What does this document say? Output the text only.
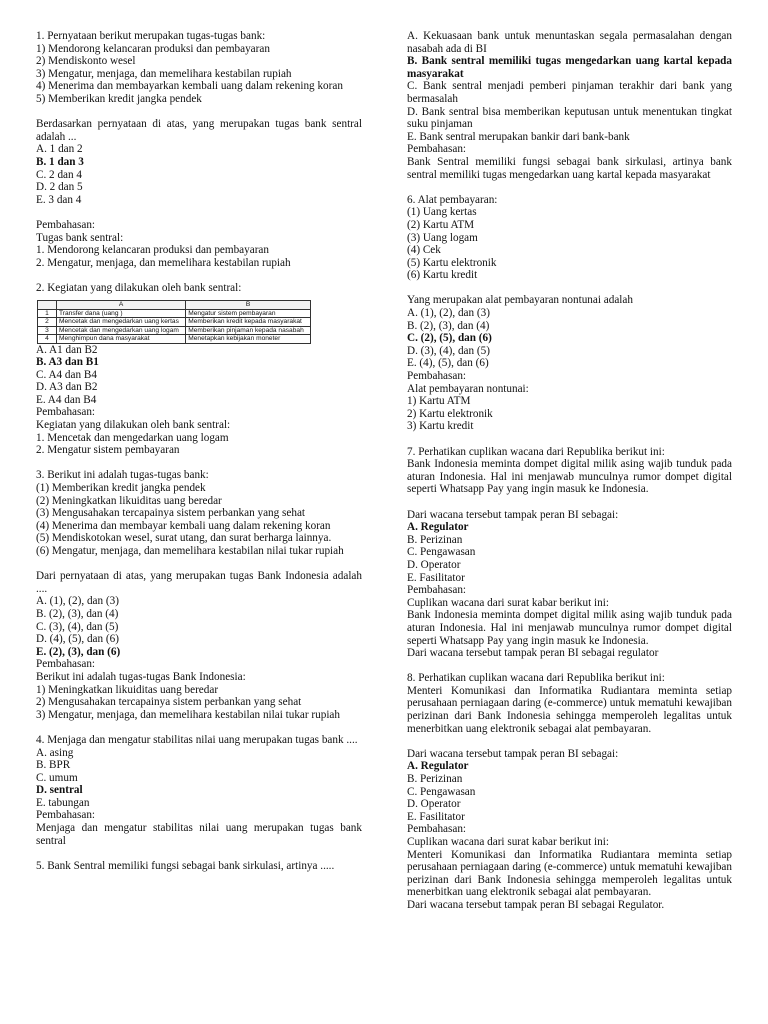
1. Pernyataan berikut merupakan tugas-tugas bank:

1) Mendorong kelancaran produksi dan pembayaran

2) Mendiskonto wesel

3) Mengatur, menjaga, dan memelihara kestabilan rupiah

4) Menerima dan membayarkan kembali uang dalam rekening koran

5) Memberikan kredit jangka pendek

Berdasarkan pernyataan di atas, yang merupakan tugas bank sentral adalah ...

A. 1 dan 2

B. 1 dan 3

C. 2 dan 4

D. 2 dan 5

E. 3 dan 4

Pembahasan:

Tugas bank sentral:

1. Mendorong kelancaran produksi dan pembayaran

2. Mengatur, menjaga, dan memelihara kestabilan rupiah

2. Kegiatan yang dilakukan oleh bank sentral:

	A	B
1	Transfer dana (uang )	Mengatur sistem pembayaran
2	Mencetak dan mengedarkan uang kertas	Memberikan kredit kepada masyarakat
3	Mencetak dan mengedarkan uang logam	Memberikan pinjaman kepada nasabah
4	Menghimpun dana masyarakat	Menetapkan kebijakan moneter

A. A1 dan B2

B. A3 dan B1

C. A4 dan B4

D. A3 dan B2

E. A4 dan B4

Pembahasan:

Kegiatan yang dilakukan oleh bank sentral:

1. Mencetak dan mengedarkan uang logam

2. Mengatur sistem pembayaran

3. Berikut ini adalah tugas-tugas bank:

(1) Memberikan kredit jangka pendek

(2) Meningkatkan likuiditas uang beredar

(3) Mengusahakan tercapainya sistem perbankan yang sehat

(4) Menerima dan membayar kembali uang dalam rekening koran

(5) Mendiskotokan wesel, surat utang, dan surat berharga lainnya.

(6) Mengatur, menjaga, dan memelihara kestabilan nilai tukar rupiah

Dari pernyataan di atas, yang merupakan tugas Bank Indonesia adalah ....

A. (1), (2), dan (3)

B. (2), (3), dan (4)

C. (3), (4), dan (5)

D. (4), (5), dan (6)

E. (2), (3), dan (6)

Pembahasan:

Berikut ini adalah tugas-tugas Bank Indonesia:

1) Meningkatkan likuiditas uang beredar

2) Mengusahakan tercapainya sistem perbankan yang sehat

3) Mengatur, menjaga, dan memelihara kestabilan nilai tukar rupiah

4. Menjaga dan mengatur stabilitas nilai uang merupakan tugas bank ....

A. asing

B. BPR

C. umum

D. sentral

E. tabungan

Pembahasan:

Menjaga dan mengatur stabilitas nilai uang merupakan tugas bank sentral

5. Bank Sentral memiliki fungsi sebagai bank sirkulasi, artinya .....

A. Kekuasaan bank untuk menuntaskan segala permasalahan dengan nasabah ada di BI

B. Bank sentral memiliki tugas mengedarkan uang kartal kepada masyarakat

C. Bank sentral menjadi pemberi pinjaman terakhir dari bank yang bermasalah

D. Bank sentral bisa memberikan keputusan untuk menentukan tingkat suku pinjaman

E. Bank sentral merupakan bankir dari bank-bank

Pembahasan:

Bank Sentral memiliki fungsi sebagai bank sirkulasi, artinya bank sentral memiliki tugas mengedarkan uang kartal kepada masyarakat

6. Alat pembayaran:

(1) Uang kertas

(2) Kartu ATM

(3) Uang logam

(4) Cek

(5) Kartu elektronik

(6) Kartu kredit

Yang merupakan alat pembayaran nontunai adalah

A. (1), (2), dan (3)

B. (2), (3), dan (4)

C. (2), (5), dan (6)

D. (3), (4), dan (5)

E. (4), (5), dan (6)

Pembahasan:

Alat pembayaran nontunai:

1) Kartu ATM

2) Kartu elektronik

3) Kartu kredit

7. Perhatikan cuplikan wacana dari Republika berikut ini:

Bank Indonesia meminta dompet digital milik asing wajib tunduk pada aturan Indonesia. Hal ini menjawab munculnya rumor dompet digital seperti Whatsapp Pay yang ingin masuk ke Indonesia.

Dari wacana tersebut tampak peran BI sebagai:

A. Regulator

B. Perizinan

C. Pengawasan

D. Operator

E. Fasilitator

Pembahasan:

Cuplikan wacana dari surat kabar berikut ini:

Bank Indonesia meminta dompet digital milik asing wajib tunduk pada aturan Indonesia. Hal ini menjawab munculnya rumor dompet digital seperti Whatsapp Pay yang ingin masuk ke Indonesia.

Dari wacana tersebut tampak peran BI sebagai regulator

8. Perhatikan cuplikan wacana dari Republika berikut ini:

Menteri Komunikasi dan Informatika Rudiantara meminta setiap perusahaan perniagaan daring (e-commerce) untuk mematuhi kewajiban perizinan dari Bank Indonesia sehingga memperoleh legalitas untuk menerbitkan uang elektronik sebagai alat pembayaran.

Dari wacana tersebut tampak peran BI sebagai:

A. Regulator

B. Perizinan

C. Pengawasan

D. Operator

E. Fasilitator

Pembahasan:

Cuplikan wacana dari surat kabar berikut ini:

Menteri Komunikasi dan Informatika Rudiantara meminta setiap perusahaan perniagaan daring (e-commerce) untuk mematuhi kewajiban perizinan dari Bank Indonesia sehingga memperoleh legalitas untuk menerbitkan uang elektronik sebagai alat pembayaran.

Dari wacana tersebut tampak peran BI sebagai Regulator.
